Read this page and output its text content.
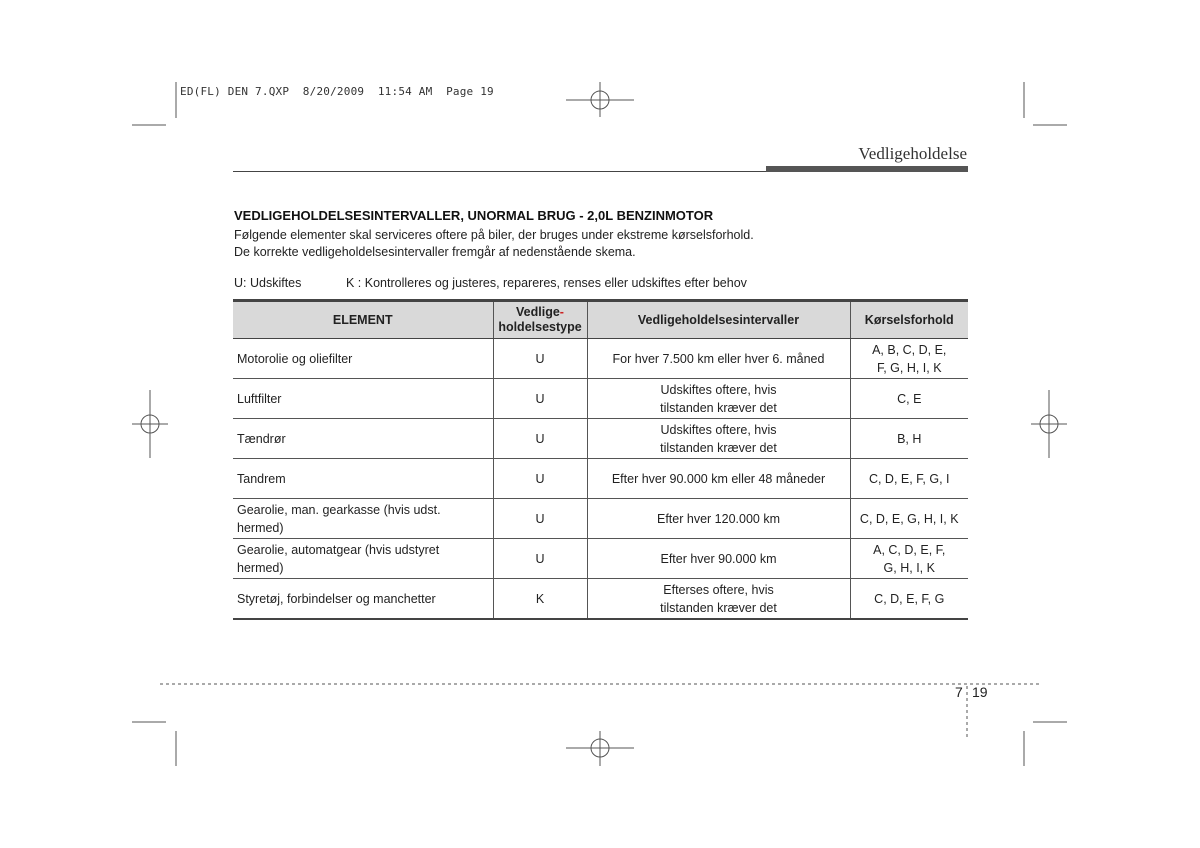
ED(FL) DEN 7.QXP  8/20/2009  11:54 AM  Page 19
Vedligeholdelse
VEDLIGEHOLDELSESINTERVALLER, UNORMAL BRUG - 2,0L BENZINMOTOR
Følgende elementer skal serviceres oftere på biler, der bruges under ekstreme kørselsforhold.
De korrekte vedligeholdelsesintervaller fremgår af nedenstående skema.
U: Udskiftes	K : Kontrolleres og justeres, repareres, renses eller udskiftes efter behov
ELEMENT	Vedlige-
holdelsestype	Vedligeholdelsesintervaller	Kørselsforhold
Motorolie og oliefilter	U	For hver 7.500 km eller hver 6. måned	A, B, C, D, E,
F, G, H, I, K

Luftfilter	U	Udskiftes oftere, hvis
tilstanden kræver det	C, E

Tændrør	U	Udskiftes oftere, hvis
tilstanden kræver det	B, H

Tandrem	U	Efter hver 90.000 km eller 48 måneder	C, D, E, F, G, I

Gearolie, man. gearkasse (hvis udst. hermed)	U	Efter hver 120.000 km	C, D, E, G, H, I, K

Gearolie, automatgear (hvis udstyret hermed)	U	Efter hver 90.000 km	A, C, D, E, F,
G, H, I, K

Styretøj, forbindelser og manchetter	K	Efterses oftere, hvis
tilstanden kræver det	C, D, E, F, G
7 19
